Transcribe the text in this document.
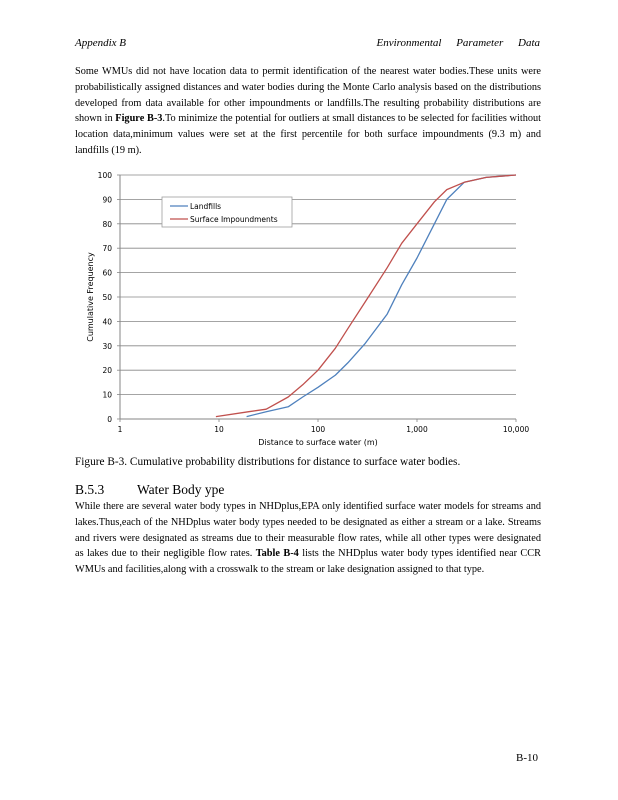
Appendix B	Environmental Parameter Data
Some WMUs did not have location data to permit identification of the nearest water bodies.These units were probabilistically assigned distances and water bodies during the Monte Carlo analysis based on the distributions developed from data available for other impoundments or landfills.The resulting probability distributions are shown in Figure B-3.To minimize the potential for outliers at small distances to be selected for facilities without location data,minimum values were set at the first percentile for both surface impoundments (9.3 m) and landfills (19 m).
0
10
20
30
40
50
60
70
80
90
100
1	10	100	1,000	10,000
Distance to surface water (m)
Cumulative Frequency
Landfills
Surface Impoundments
Figure B-3. Cumulative probability distributions for distance to surface water bodies.
B.5.3 Water Body ype
While there are several water body types in NHDplus,EPA only identified surface water models for streams and lakes.Thus,each of the NHDplus water body types needed to be designated as either a stream or a lake. Streams and rivers were designated as streams due to their measurable flow rates, while all other types were designated as lakes due to their negligible flow rates. Table B-4 lists the NHDplus water body types identified near CCR WMUs and facilities,along with a crosswalk to the stream or lake designation assigned to that type.
B-10
